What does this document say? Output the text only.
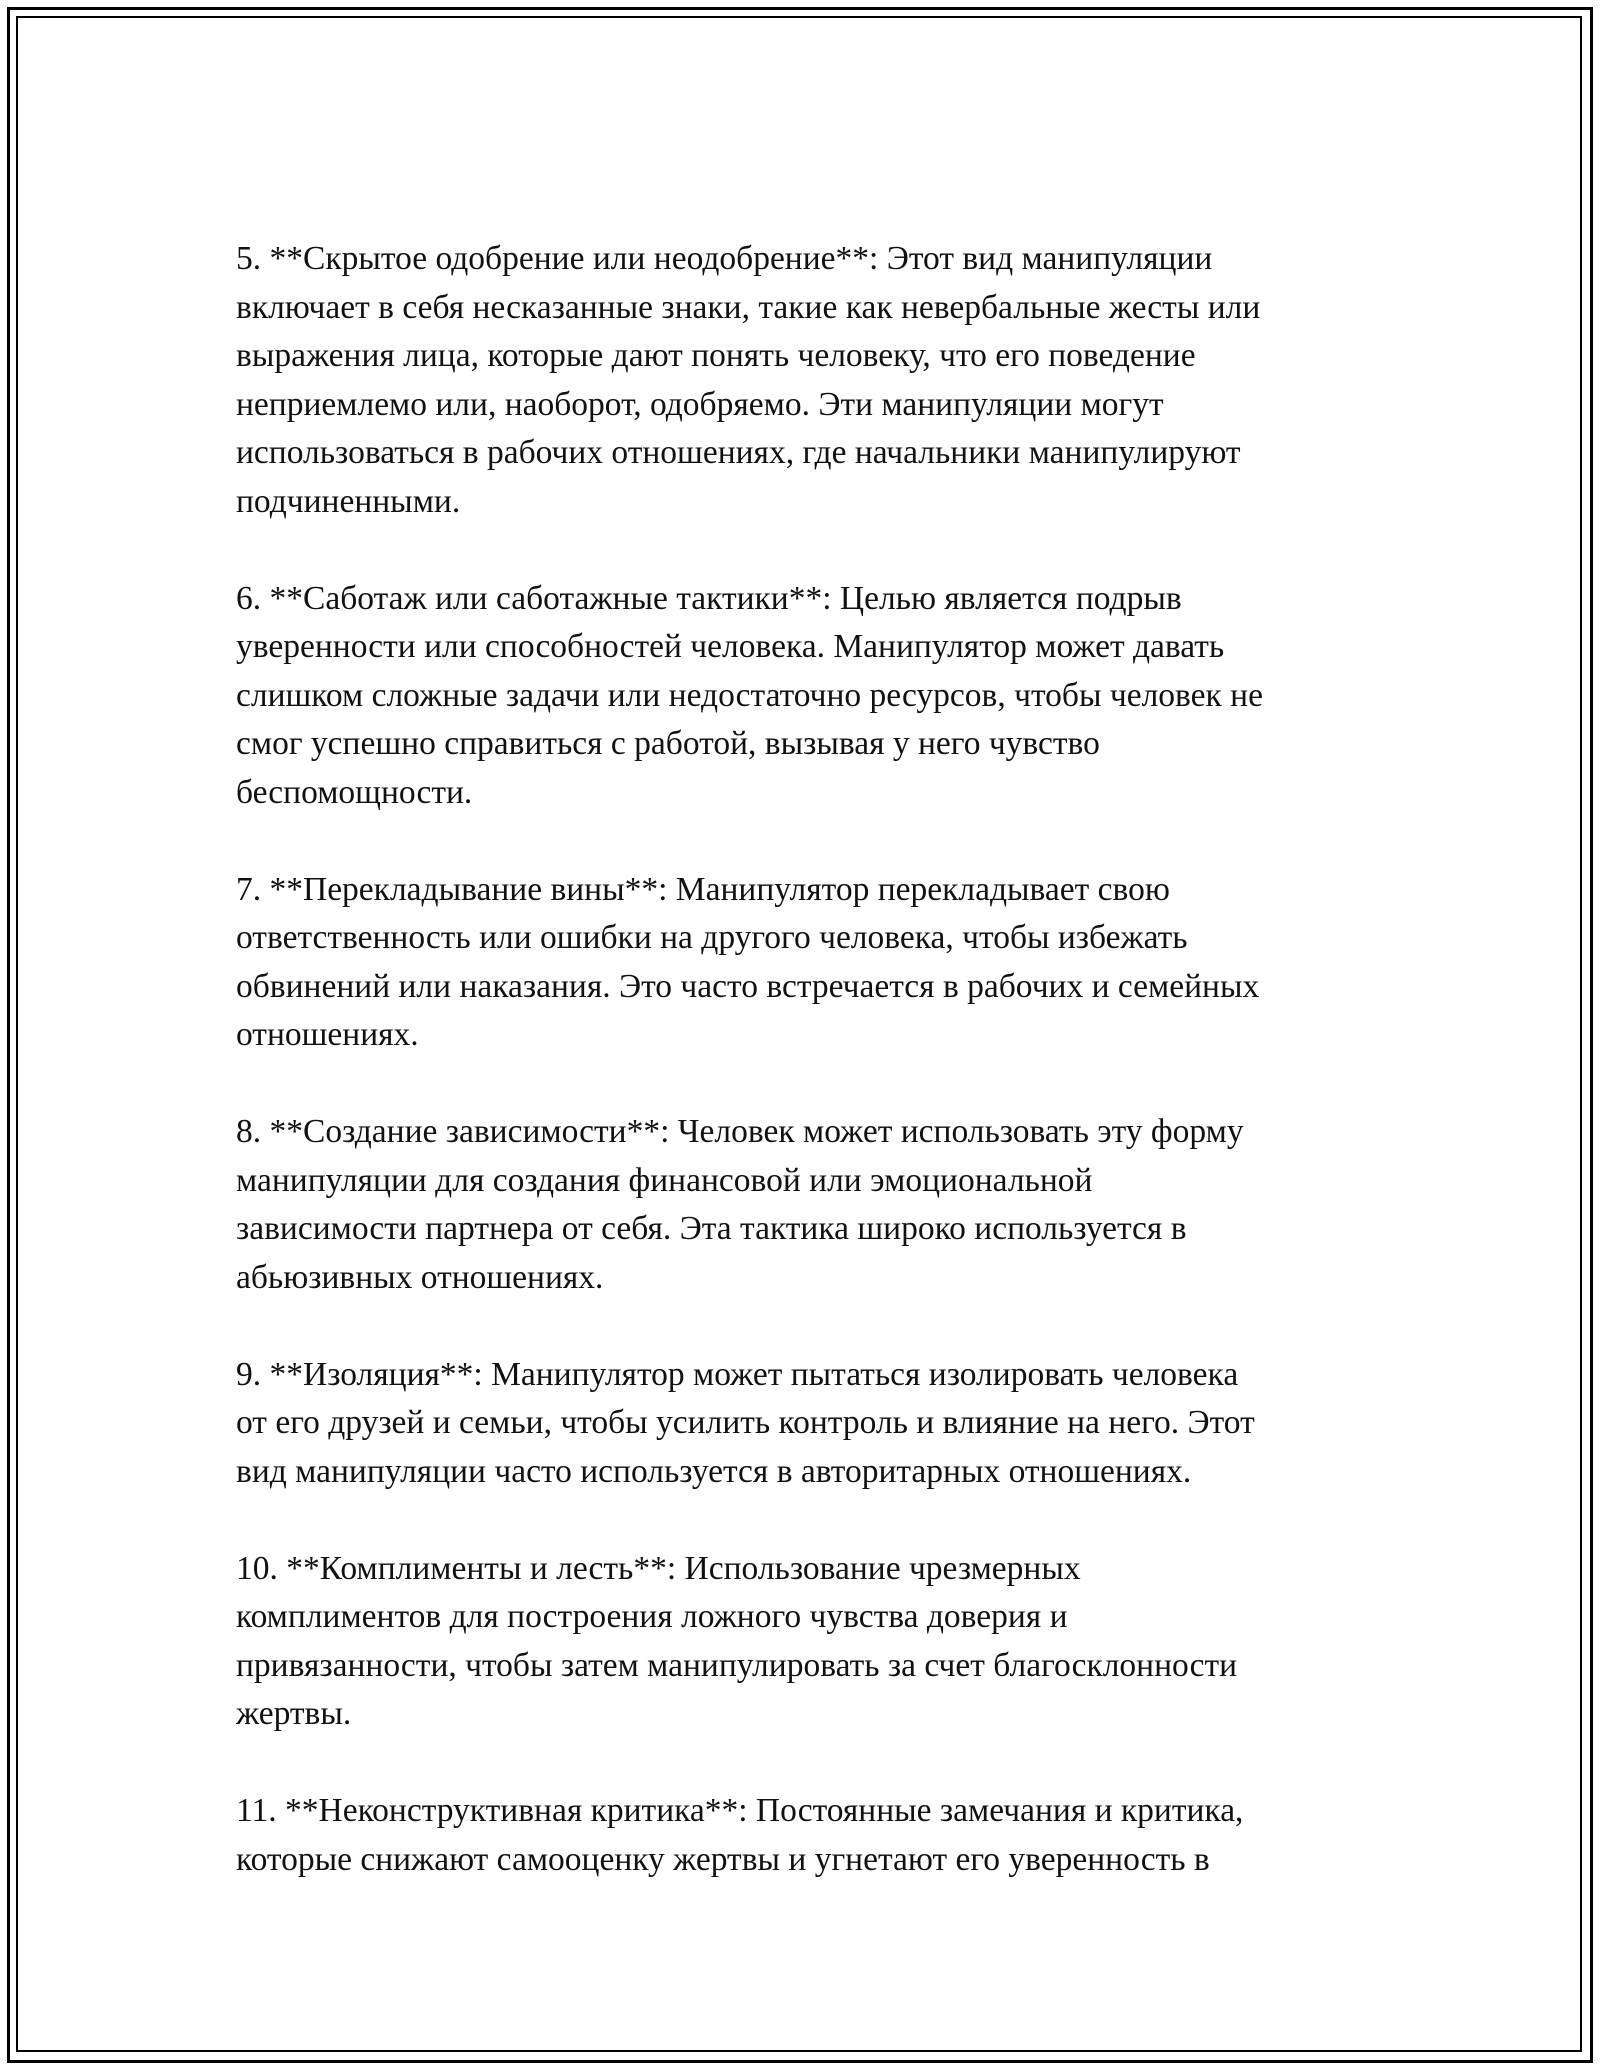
5. **Скрытое одобрение или неодобрение**: Этот вид манипуляции
включает в себя несказанные знаки, такие как невербальные жесты или
выражения лица, которые дают понять человеку, что его поведение
неприемлемо или, наоборот, одобряемо. Эти манипуляции могут
использоваться в рабочих отношениях, где начальники манипулируют
подчиненными.

6. **Саботаж или саботажные тактики**: Целью является подрыв
уверенности или способностей человека. Манипулятор может давать
слишком сложные задачи или недостаточно ресурсов, чтобы человек не
смог успешно справиться с работой, вызывая у него чувство
беспомощности.

7. **Перекладывание вины**: Манипулятор перекладывает свою
ответственность или ошибки на другого человека, чтобы избежать
обвинений или наказания. Это часто встречается в рабочих и семейных
отношениях.

8. **Создание зависимости**: Человек может использовать эту форму
манипуляции для создания финансовой или эмоциональной
зависимости партнера от себя. Эта тактика широко используется в
абьюзивных отношениях.

9. **Изоляция**: Манипулятор может пытаться изолировать человека
от его друзей и семьи, чтобы усилить контроль и влияние на него. Этот
вид манипуляции часто используется в авторитарных отношениях.

10. **Комплименты и лесть**: Использование чрезмерных
комплиментов для построения ложного чувства доверия и
привязанности, чтобы затем манипулировать за счет благосклонности
жертвы.

11. **Неконструктивная критика**: Постоянные замечания и критика,
которые снижают самооценку жертвы и угнетают его уверенность в
